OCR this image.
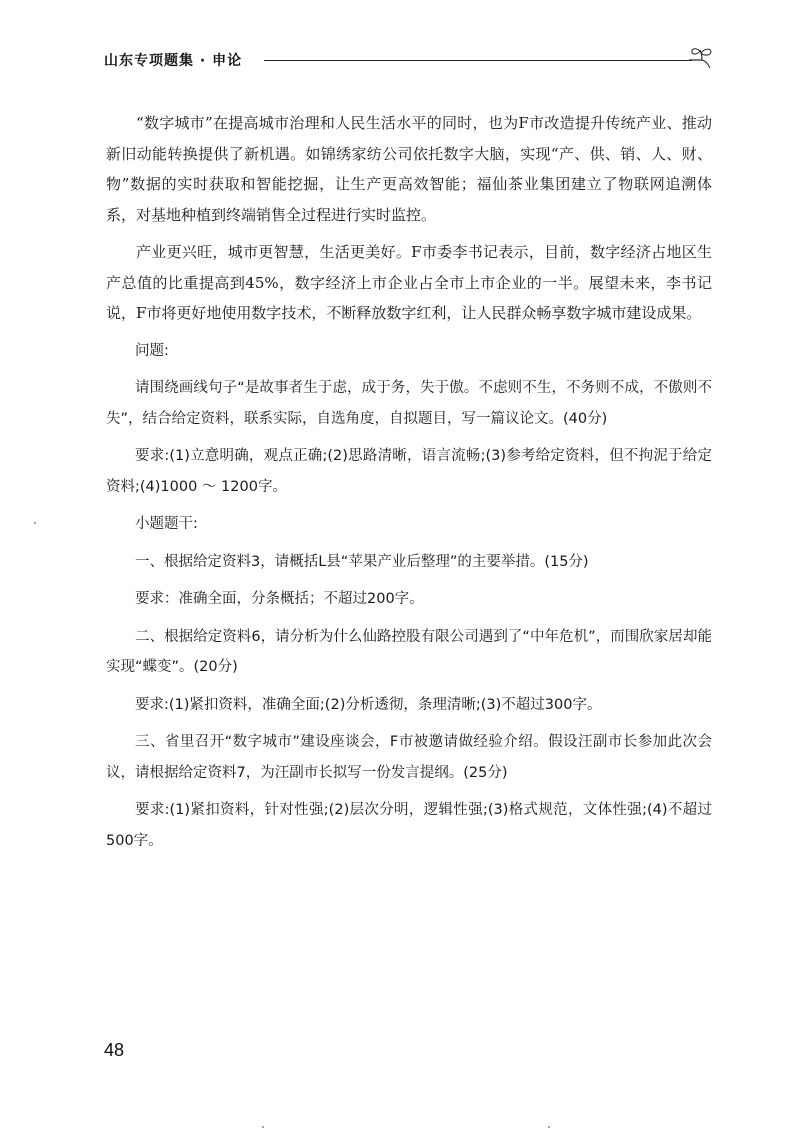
山东专项题集 · 申论

“数字城市”在提高城市治理和人民生活水平的同时，也为F市改造提升传统产业、推动新旧动能转换提供了新机遇。如锦绣家纺公司依托数字大脑，实现“产、供、销、人、财、物”数据的实时获取和智能挖掘，让生产更高效智能；福仙茶业集团建立了物联网追溯体系，对基地种植到终端销售全过程进行实时监控。

产业更兴旺，城市更智慧，生活更美好。F市委李书记表示，目前，数字经济占地区生产总值的比重提高到45%，数字经济上市企业占全市上市企业的一半。展望未来，李书记说，F市将更好地使用数字技术，不断释放数字红利，让人民群众畅享数字城市建设成果。

问题:

请围绕画线句子“是故事者生于虑，成于务，失于傲。不虑则不生，不务则不成，不傲则不失”，结合给定资料，联系实际，自选角度，自拟题目，写一篇议论文。(40分)

要求:(1)立意明确，观点正确;(2)思路清晰，语言流畅;(3)参考给定资料，但不拘泥于给定资料;(4)1000 ～ 1200字。

小题题干:

一、根据给定资料3，请概括L县“苹果产业后整理”的主要举措。(15分)

要求：准确全面，分条概括；不超过200字。

二、根据给定资料6，请分析为什么仙路控股有限公司遇到了“中年危机”，而围欣家居却能实现“蝶变”。(20分)

要求:(1)紧扣资料，准确全面;(2)分析透彻，条理清晰;(3)不超过300字。

三、省里召开“数字城市”建设座谈会，F市被邀请做经验介绍。假设汪副市长参加此次会议，请根据给定资料7，为汪副市长拟写一份发言提纲。(25分)

要求:(1)紧扣资料，针对性强;(2)层次分明，逻辑性强;(3)格式规范，文体性强;(4)不超过500字。

48
